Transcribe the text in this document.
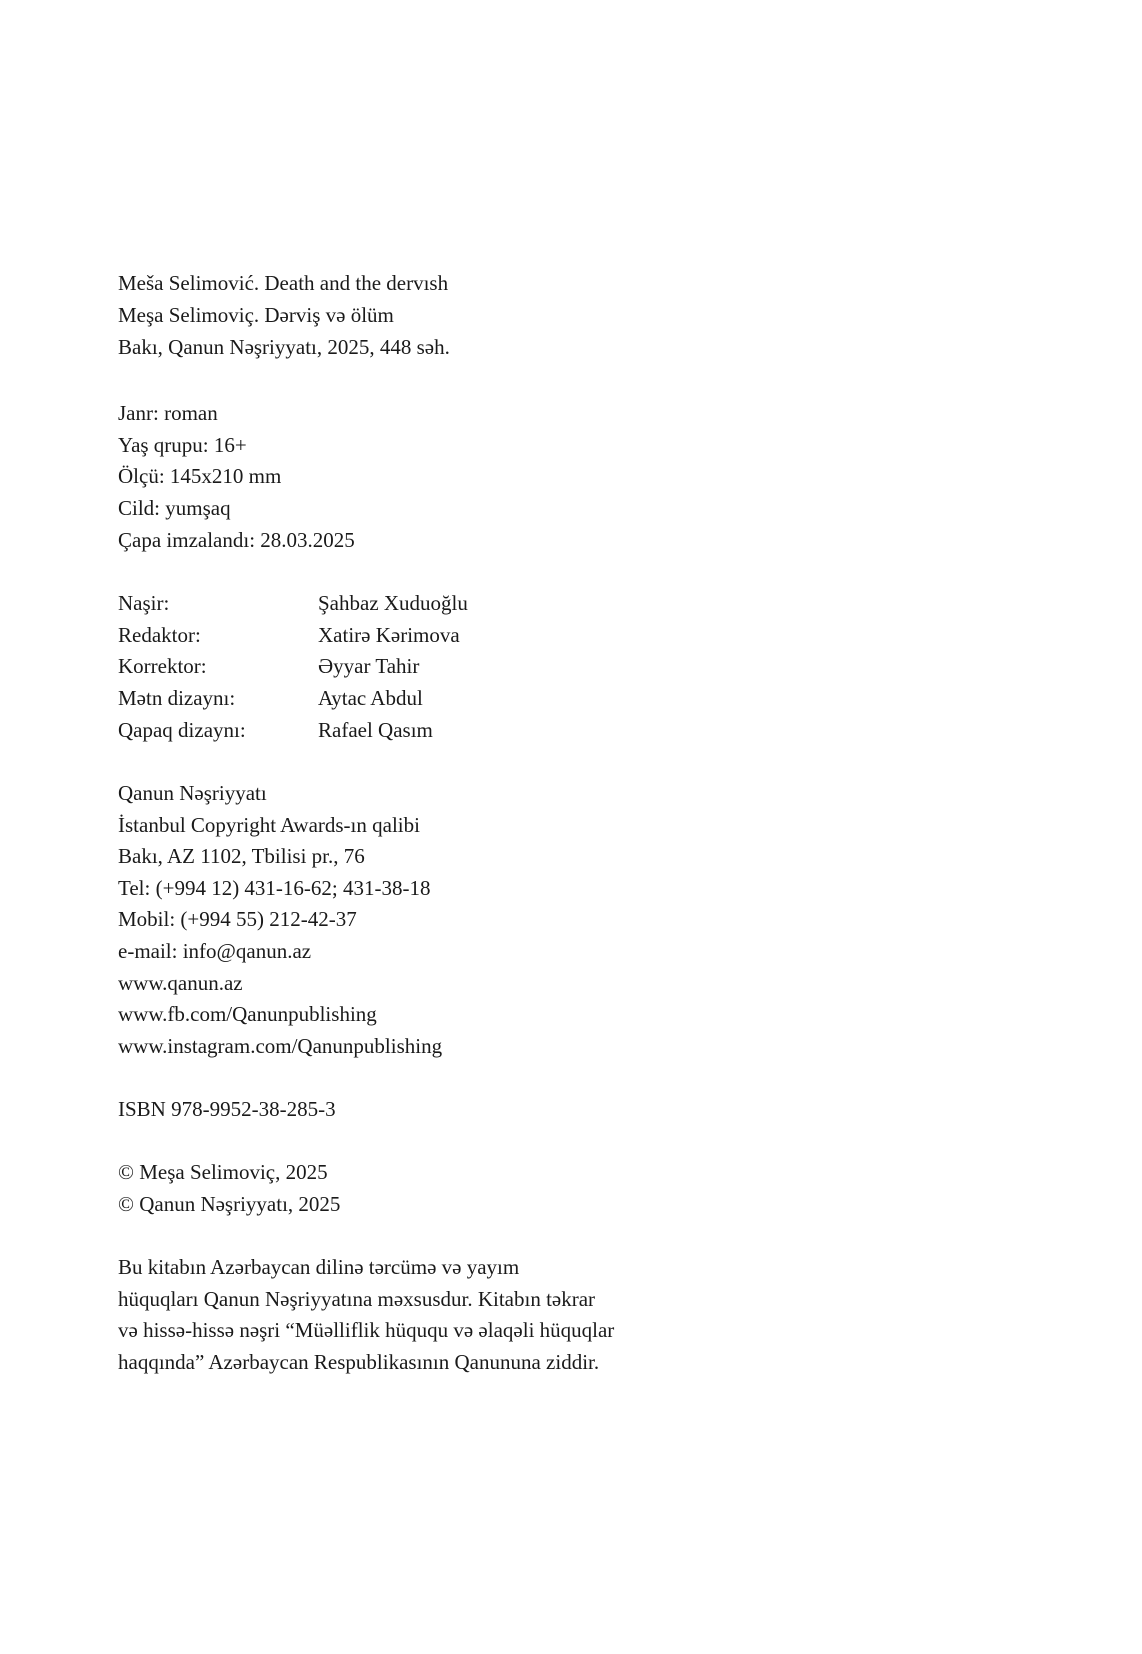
Meša Selimović. Death and the dervısh
Meşa Selimoviç. Dərviş və ölüm
Bakı, Qanun Nəşriyyatı, 2025, 448 səh.
Janr: roman
Yaş qrupu: 16+
Ölçü: 145x210 mm
Cild: yumşaq
Çapa imzalandı: 28.03.2025
Naşir:	Şahbaz Xuduoğlu
Redaktor:	Xatirə Kərimova
Korrektor:	Əyyar Tahir
Mətn dizaynı:	Aytac Abdul
Qapaq dizaynı:	Rafael Qasım
Qanun Nəşriyyatı
İstanbul Copyright Awards-ın qalibi
Bakı, AZ 1102, Tbilisi pr., 76
Tel: (+994 12) 431-16-62; 431-38-18
Mobil: (+994 55) 212-42-37
e-mail: info@qanun.az
www.qanun.az
www.fb.com/Qanunpublishing
www.instagram.com/Qanunpublishing
ISBN 978-9952-38-285-3
© Meşa Selimoviç, 2025
© Qanun Nəşriyyatı, 2025
Bu kitabın Azərbaycan dilinə tərcümə və yayım
hüquqları Qanun Nəşriyyatına məxsusdur. Kitabın təkrar
və hissə-hissə nəşri “Müəlliflik hüququ və əlaqəli hüquqlar
haqqında” Azərbaycan Respublikasının Qanununa ziddir.
